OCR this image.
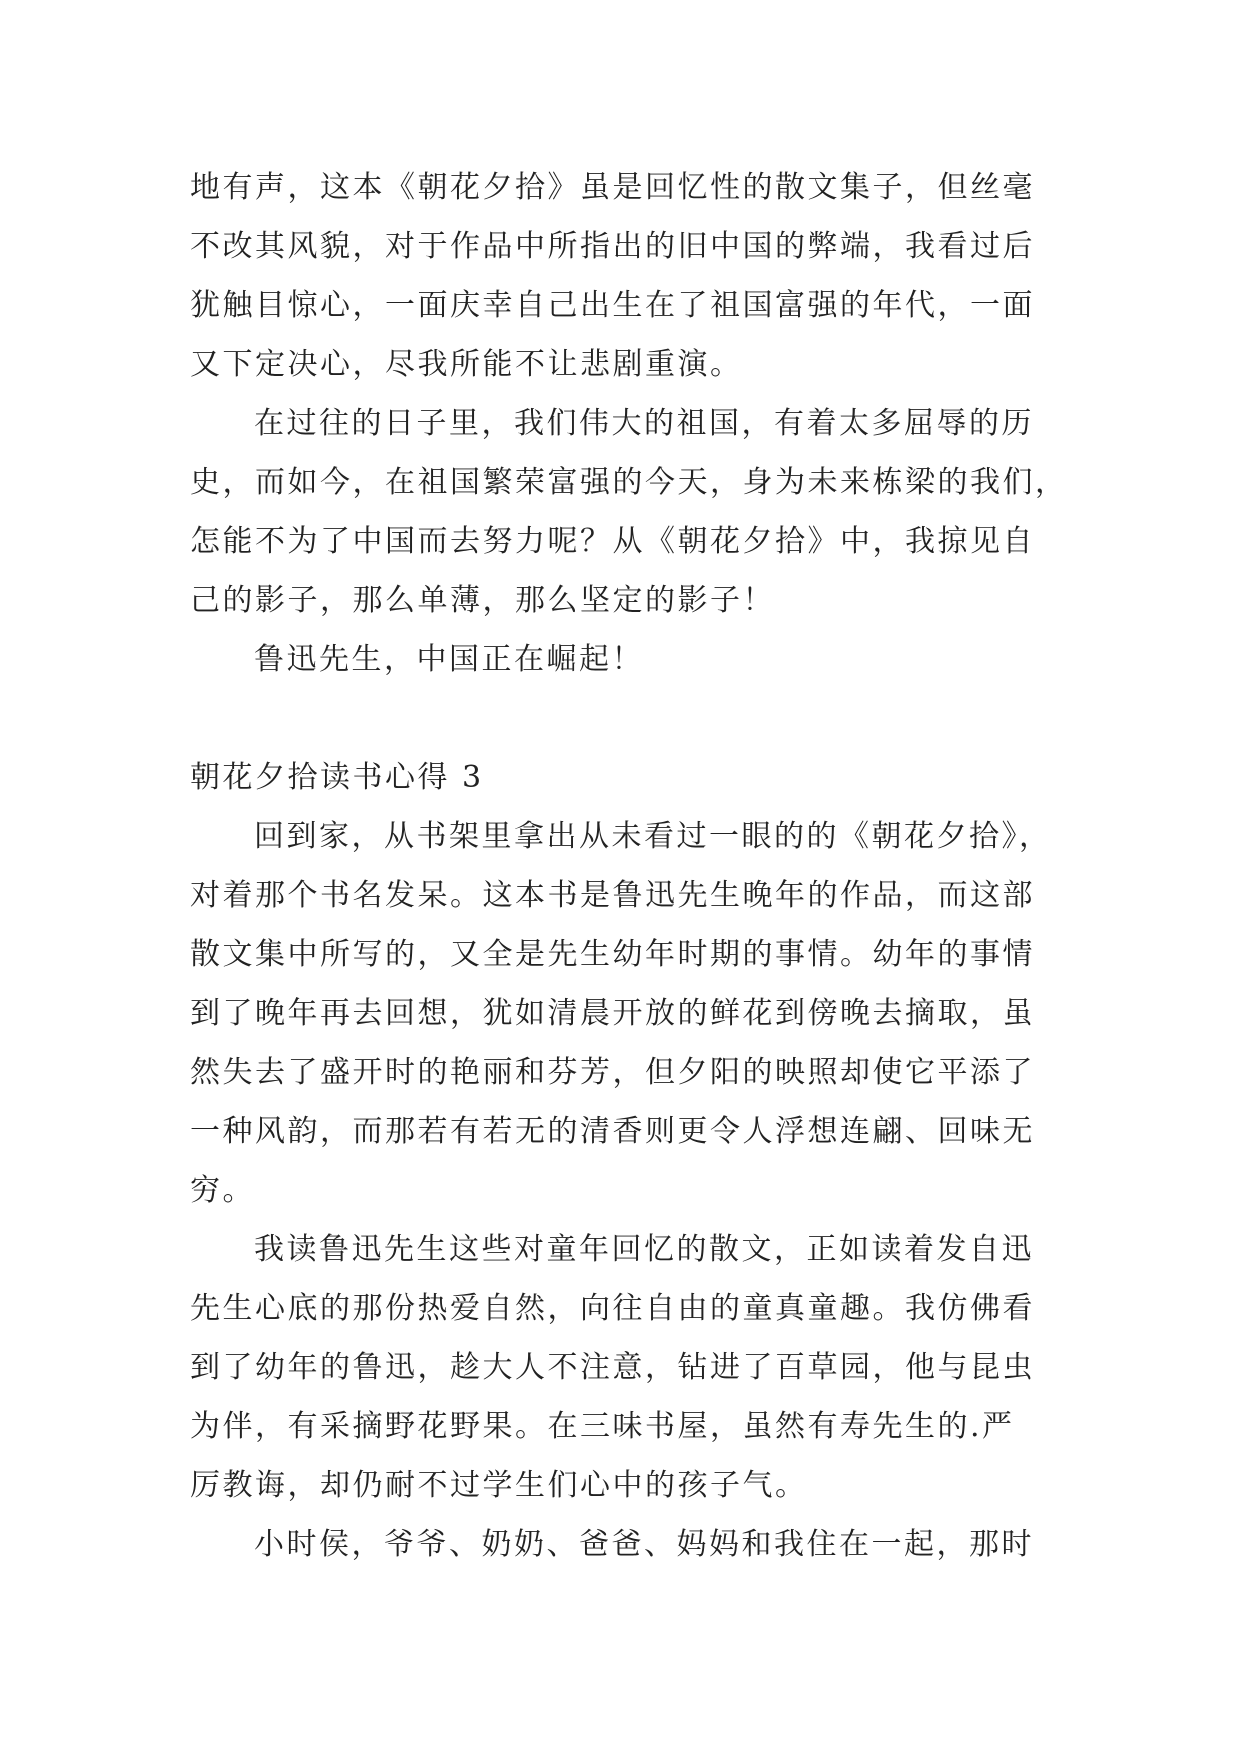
地有声，这本《朝花夕拾》虽是回忆性的散文集子，但丝毫
不改其风貌，对于作品中所指出的旧中国的弊端，我看过后
犹触目惊心，一面庆幸自己出生在了祖国富强的年代，一面
又下定决心，尽我所能不让悲剧重演。
在过往的日子里，我们伟大的祖国，有着太多屈辱的历
史，而如今，在祖国繁荣富强的今天，身为未来栋梁的我们，
怎能不为了中国而去努力呢？从《朝花夕拾》中，我掠见自
己的影子，那么单薄，那么坚定的影子！
鲁迅先生，中国正在崛起！
朝花夕拾读书心得 3
回到家，从书架里拿出从未看过一眼的的《朝花夕拾》，
对着那个书名发呆。这本书是鲁迅先生晚年的作品，而这部
散文集中所写的，又全是先生幼年时期的事情。幼年的事情
到了晚年再去回想，犹如清晨开放的鲜花到傍晚去摘取，虽
然失去了盛开时的艳丽和芬芳，但夕阳的映照却使它平添了
一种风韵，而那若有若无的清香则更令人浮想连翩、回味无
穷。
我读鲁迅先生这些对童年回忆的散文，正如读着发自迅
先生心底的那份热爱自然，向往自由的童真童趣。我仿佛看
到了幼年的鲁迅，趁大人不注意，钻进了百草园，他与昆虫
为伴，有采摘野花野果。在三味书屋，虽然有寿先生的.严
厉教诲，却仍耐不过学生们心中的孩子气。
小时侯，爷爷、奶奶、爸爸、妈妈和我住在一起，那时
